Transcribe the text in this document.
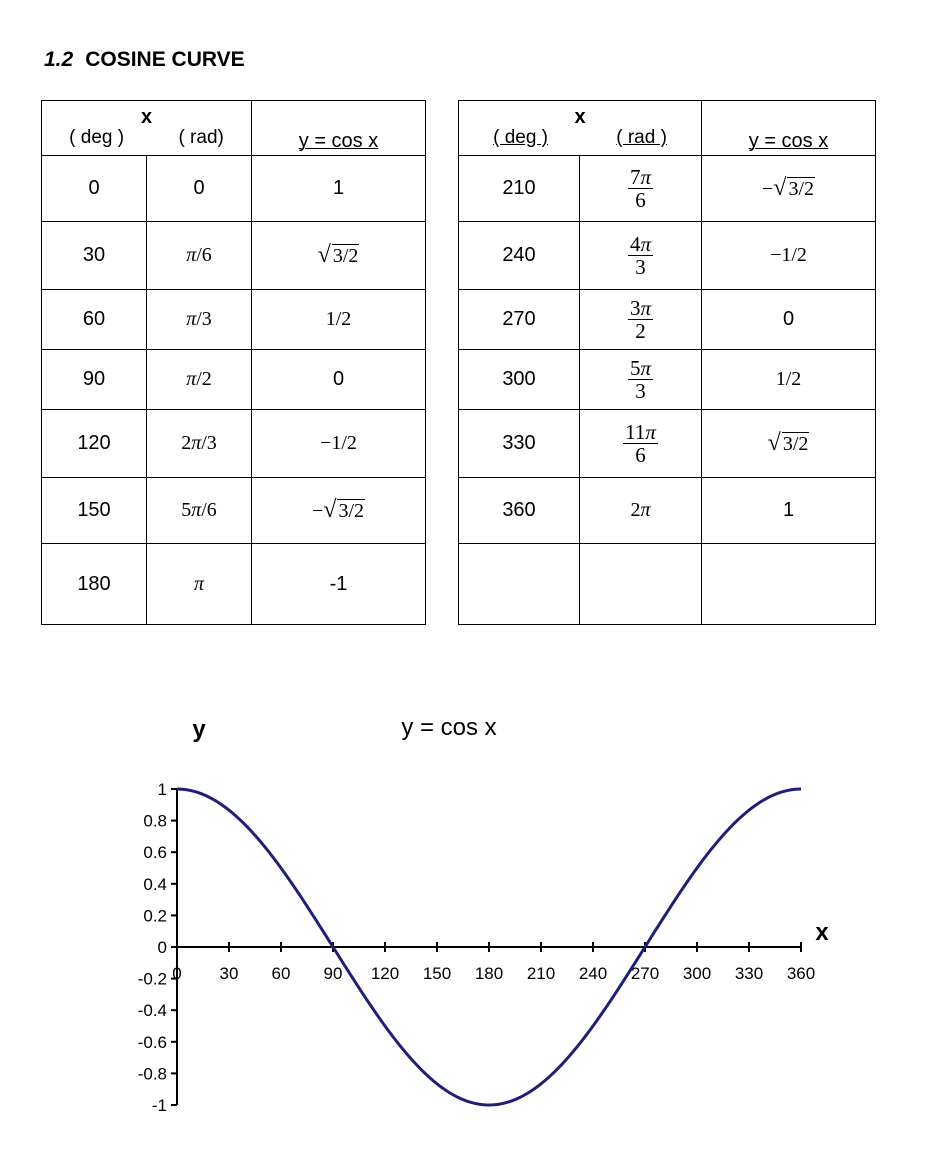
1.2 COSINE CURVE
x
( deg ) ( rad)		y = cos x
0	0	1
30	π/6	√ 3/2
60	π/3	1/2
90	π/2	0
120	2π/3	−1/2
150	5π/6	−√ 3/2
180	π	-1
x
( deg ) ( rad )		y = cos x
210	$\frac{7\pi}{6}$	−√ 3/2
240	$\frac{4\pi}{3}$	−1/2
270	$\frac{3\pi}{2}$	0
300	$\frac{5\pi}{3}$	1/2
330	$\frac{11\pi}{6}$	√ 3/2
360	2π	1

y = cos x
y
x
1
0.8
0.6
0.4
0.2
0
-0.2
-0.4
-0.6
-0.8
-1
0 30 60 90 120 150 180 210 240 270 300 330 360
